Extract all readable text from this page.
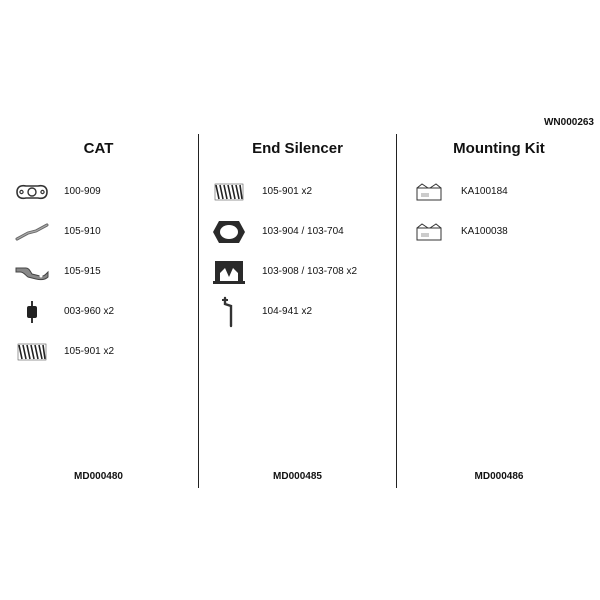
WN000263
CAT
100-909
105-910
105-915
003-960 x2
105-901 x2
MD000480
End Silencer
105-901 x2
103-904 / 103-704
103-908 / 103-708 x2
104-941 x2
MD000485
Mounting Kit
KA100184
KA100038
MD000486
